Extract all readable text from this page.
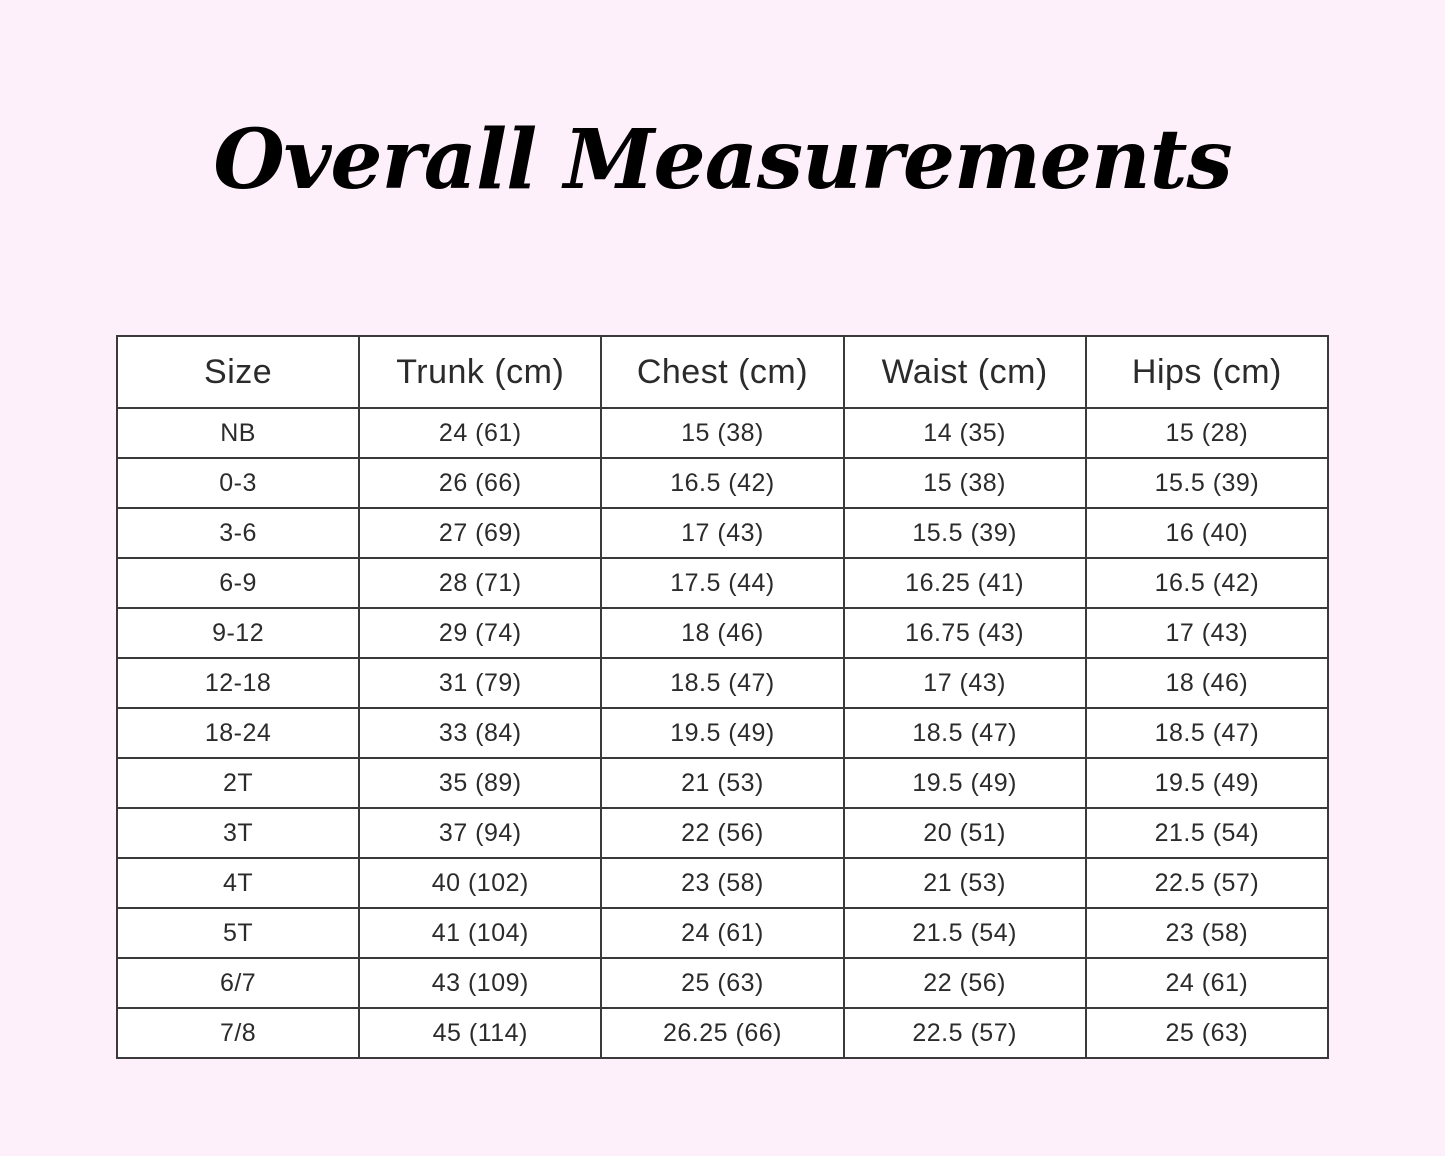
Overall Measurements
Size	Trunk (cm)	Chest (cm)	Waist (cm)	Hips (cm)
NB	24 (61)	15 (38)	14 (35)	15 (28)
0-3	26 (66)	16.5 (42)	15 (38)	15.5 (39)
3-6	27 (69)	17 (43)	15.5 (39)	16 (40)
6-9	28 (71)	17.5 (44)	16.25 (41)	16.5 (42)
9-12	29 (74)	18 (46)	16.75 (43)	17 (43)
12-18	31 (79)	18.5 (47)	17 (43)	18 (46)
18-24	33 (84)	19.5 (49)	18.5 (47)	18.5 (47)
2T	35 (89)	21 (53)	19.5 (49)	19.5 (49)
3T	37 (94)	22 (56)	20 (51)	21.5 (54)
4T	40 (102)	23 (58)	21 (53)	22.5 (57)
5T	41 (104)	24 (61)	21.5 (54)	23 (58)
6/7	43 (109)	25 (63)	22 (56)	24 (61)
7/8	45 (114)	26.25 (66)	22.5 (57)	25 (63)
